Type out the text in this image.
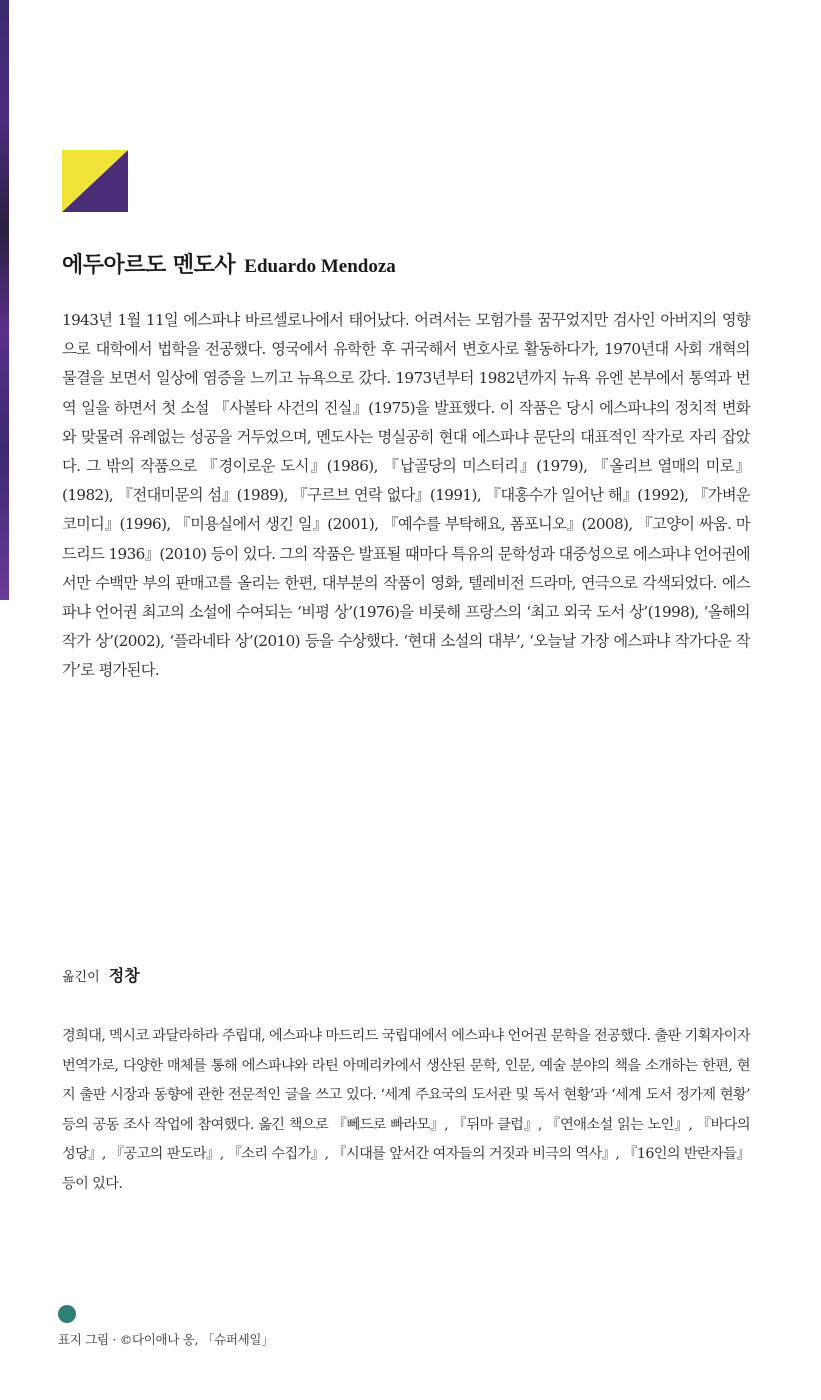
에두아르도 멘도사 Eduardo Mendoza

1943년 1월 11일 에스파냐 바르셀로나에서 태어났다. 어려서는 모험가를 꿈꾸었지만 검사인 아버지의 영향으로 대학에서 법학을 전공했다. 영국에서 유학한 후 귀국해서 변호사로 활동하다가, 1970년대 사회 개혁의 물결을 보면서 일상에 염증을 느끼고 뉴욕으로 갔다. 1973년부터 1982년까지 뉴욕 유엔 본부에서 통역과 번역 일을 하면서 첫 소설 『사볼타 사건의 진실』(1975)을 발표했다. 이 작품은 당시 에스파냐의 정치적 변화와 맞물려 유례없는 성공을 거두었으며, 멘도사는 명실공히 현대 에스파냐 문단의 대표적인 작가로 자리 잡았다. 그 밖의 작품으로 『경이로운 도시』(1986), 『납골당의 미스터리』(1979), 『올리브 열매의 미로』(1982), 『전대미문의 섬』(1989), 『구르브 연락 없다』(1991), 『대홍수가 일어난 해』(1992), 『가벼운 코미디』(1996), 『미용실에서 생긴 일』(2001), 『예수를 부탁해요, 폼포니오』(2008), 『고양이 싸움. 마드리드 1936』(2010) 등이 있다. 그의 작품은 발표될 때마다 특유의 문학성과 대중성으로 에스파냐 언어권에서만 수백만 부의 판매고를 올리는 한편, 대부분의 작품이 영화, 텔레비전 드라마, 연극으로 각색되었다. 에스파냐 언어권 최고의 소설에 수여되는 ‘비평 상’(1976)을 비롯해 프랑스의 ‘최고 외국 도서 상’(1998), ‘올해의 작가 상’(2002), ‘플라네타 상’(2010) 등을 수상했다. ‘현대 소설의 대부’, ‘오늘날 가장 에스파냐 작가다운 작가’로 평가된다.

옮긴이 정창

경희대, 멕시코 과달라하라 주립대, 에스파냐 마드리드 국립대에서 에스파냐 언어권 문학을 전공했다. 출판 기획자이자 번역가로, 다양한 매체를 통해 에스파냐와 라틴 아메리카에서 생산된 문학, 인문, 예술 분야의 책을 소개하는 한편, 현지 출판 시장과 동향에 관한 전문적인 글을 쓰고 있다. ‘세계 주요국의 도서관 및 독서 현황’과 ‘세계 도서 정가제 현황’ 등의 공동 조사 작업에 참여했다. 옮긴 책으로 『뻬드로 빠라모』, 『뒤마 클럽』, 『연애소설 읽는 노인』, 『바다의 성당』, 『공고의 판도라』, 『소리 수집가』, 『시대를 앞서간 여자들의 거짓과 비극의 역사』, 『16인의 반란자들』 등이 있다.

표지 그림 · ©다이애나 옹, 「슈퍼세일」
